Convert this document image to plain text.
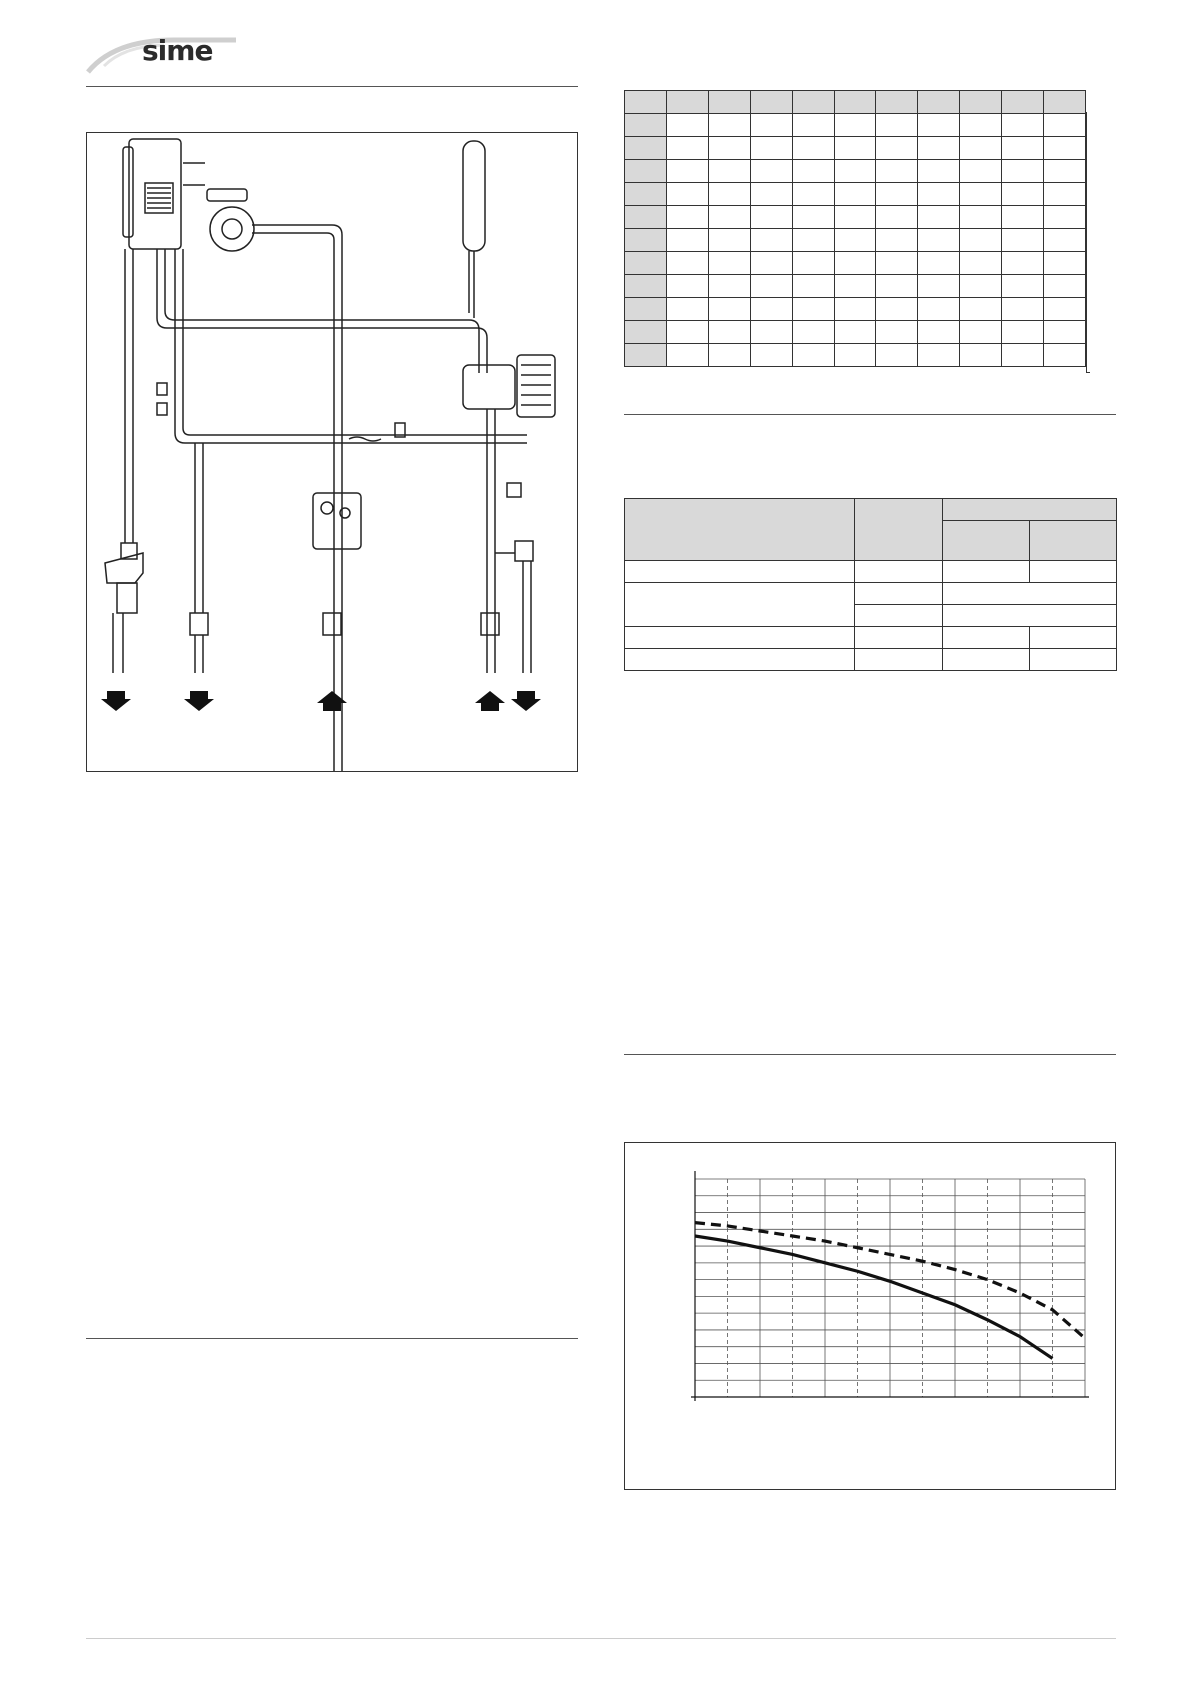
sime
